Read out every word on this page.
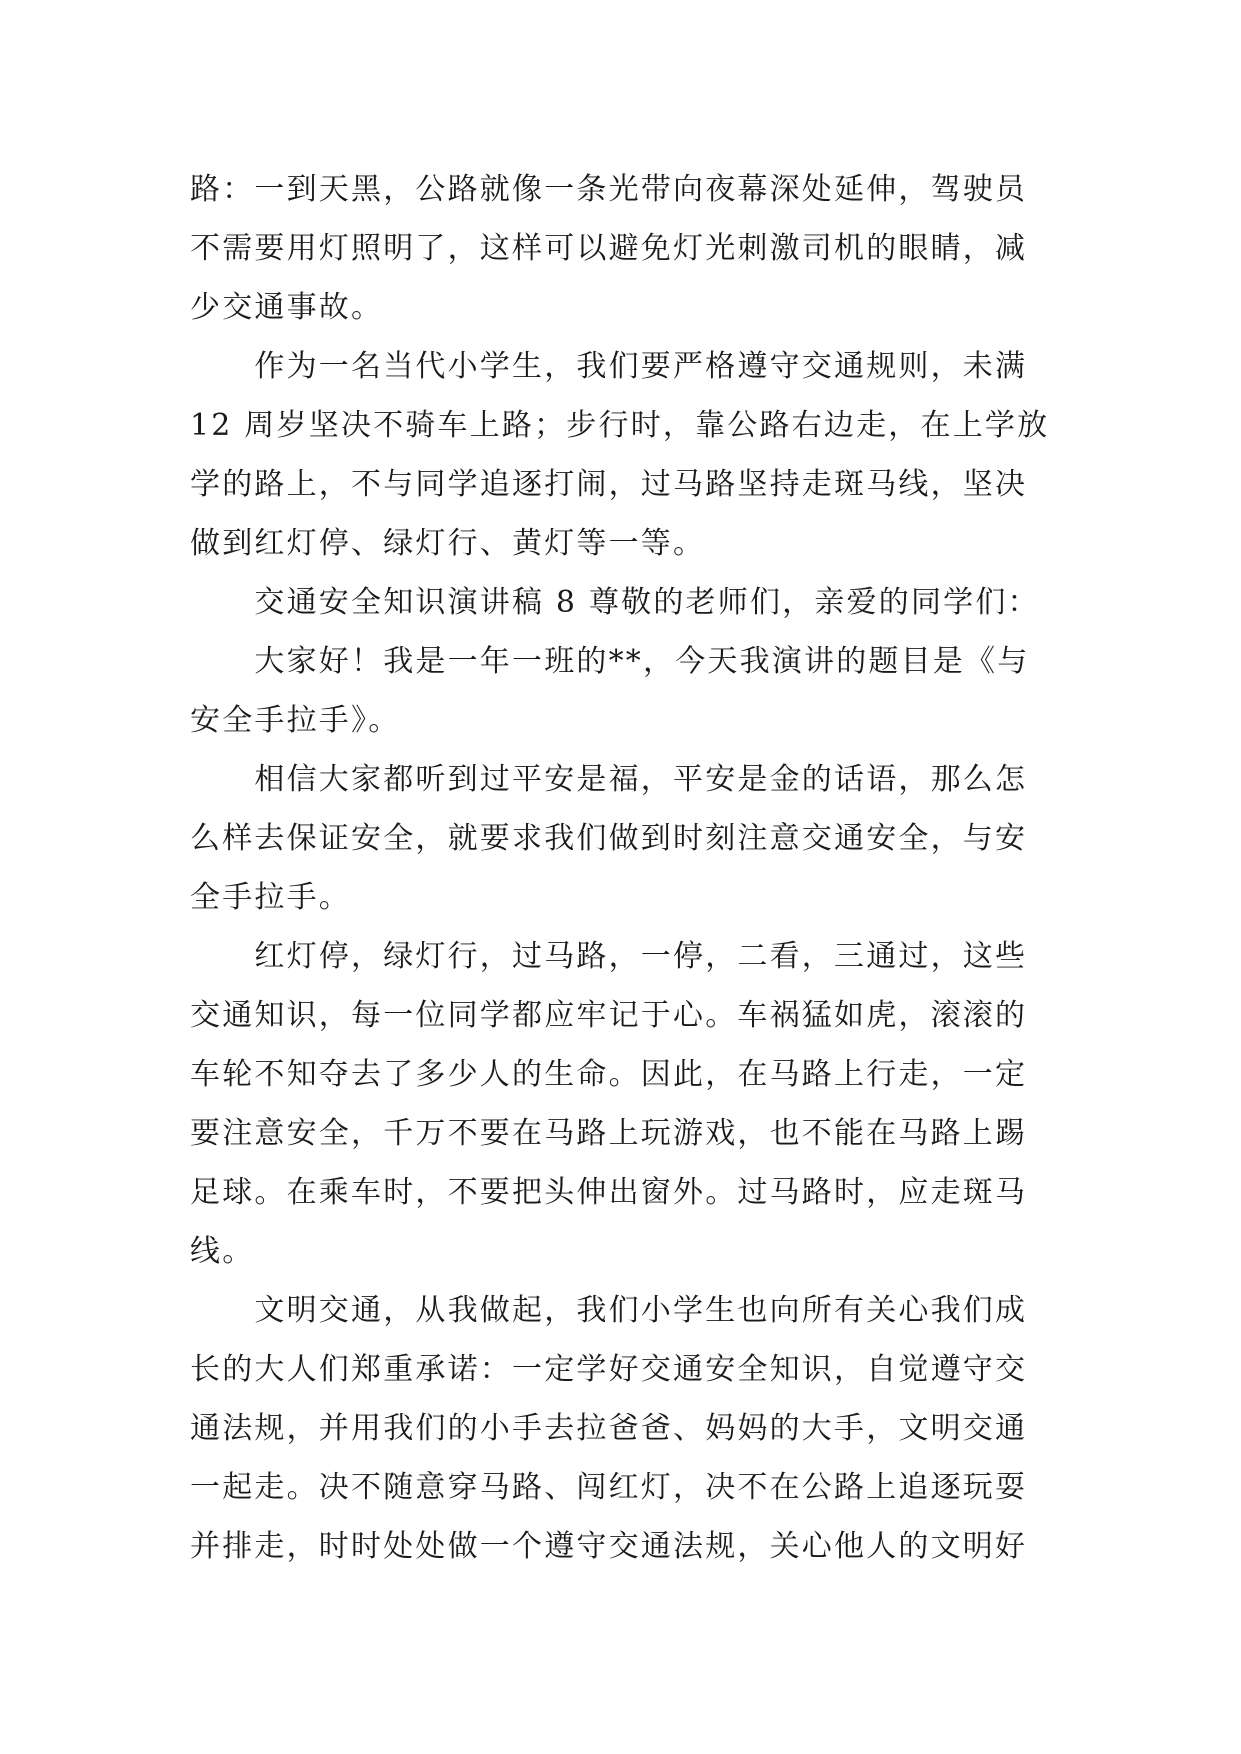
路：一到天黑，公路就像一条光带向夜幕深处延伸，驾驶员
不需要用灯照明了，这样可以避免灯光刺激司机的眼睛，减
少交通事故。
　　作为一名当代小学生，我们要严格遵守交通规则，未满
12 周岁坚决不骑车上路；步行时，靠公路右边走，在上学放
学的路上，不与同学追逐打闹，过马路坚持走斑马线，坚决
做到红灯停、绿灯行、黄灯等一等。
　　交通安全知识演讲稿 8 尊敬的老师们，亲爱的同学们：
　　大家好！我是一年一班的**，今天我演讲的题目是《与
安全手拉手》。
　　相信大家都听到过平安是福，平安是金的话语，那么怎
么样去保证安全，就要求我们做到时刻注意交通安全，与安
全手拉手。
　　红灯停，绿灯行，过马路，一停，二看，三通过，这些
交通知识，每一位同学都应牢记于心。车祸猛如虎，滚滚的
车轮不知夺去了多少人的生命。因此，在马路上行走，一定
要注意安全，千万不要在马路上玩游戏，也不能在马路上踢
足球。在乘车时，不要把头伸出窗外。过马路时，应走斑马
线。
　　文明交通，从我做起，我们小学生也向所有关心我们成
长的大人们郑重承诺：一定学好交通安全知识，自觉遵守交
通法规，并用我们的小手去拉爸爸、妈妈的大手，文明交通
一起走。决不随意穿马路、闯红灯，决不在公路上追逐玩耍
并排走，时时处处做一个遵守交通法规，关心他人的文明好
